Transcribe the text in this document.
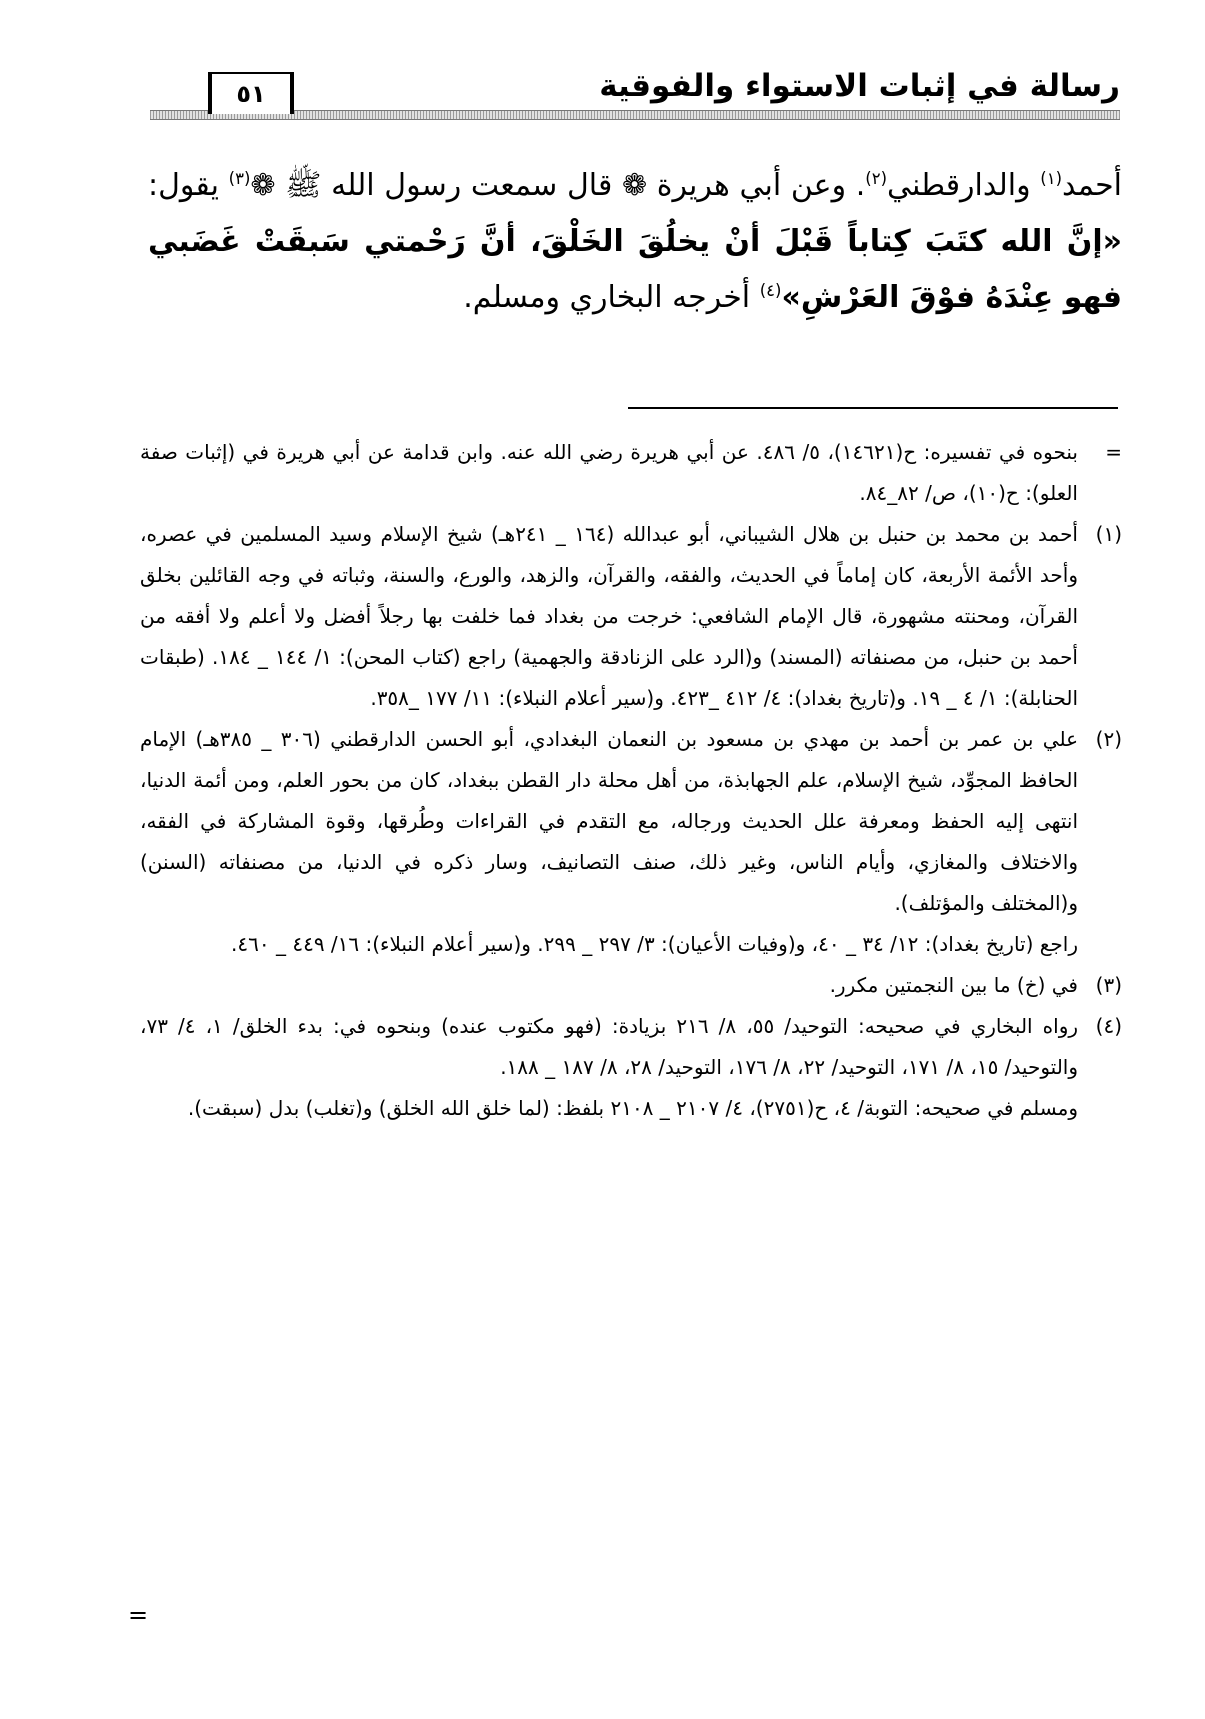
٥١	رسالة في إثبات الاستواء والفوقية

أحمد$^{(١)}$ والدارقطني$^{(٢)}$. وعن أبي هريرة ❁ قال سمعت رسول الله ﷺ ❁$^{(٣)}$ يقول: «إنَّ الله كتَبَ كِتاباً قَبْلَ أنْ يخلُقَ الخَلْقَ، أنَّ رَحْمتي سَبقَتْ غَضَبي فهو عِنْدَهُ فوْقَ العَرْشِ»$^{(٤)}$ أخرجه البخاري ومسلم.

=
بنحوه في تفسيره: ح(١٤٦٢١)، ٥/ ٤٨٦. عن أبي هريرة رضي الله عنه. وابن قدامة عن أبي هريرة في (إثبات صفة العلو): ح(١٠)، ص/ ٨٢_٨٤.

(١)
أحمد بن محمد بن حنبل بن هلال الشيباني، أبو عبدالله (١٦٤ _ ٢٤١هـ) شيخ الإسلام وسيد المسلمين في عصره، وأحد الأئمة الأربعة، كان إماماً في الحديث، والفقه، والقرآن، والزهد، والورع، والسنة، وثباته في وجه القائلين بخلق القرآن، ومحنته مشهورة، قال الإمام الشافعي: خرجت من بغداد فما خلفت بها رجلاً أفضل ولا أعلم ولا أفقه من أحمد بن حنبل، من مصنفاته (المسند) و(الرد على الزنادقة والجهمية) راجع (كتاب المحن): ١/ ١٤٤ _ ١٨٤. (طبقات الحنابلة): ١/ ٤ _ ١٩. و(تاريخ بغداد): ٤/ ٤١٢ _٤٢٣. و(سير أعلام النبلاء): ١١/ ١٧٧ _٣٥٨.

(٢)
علي بن عمر بن أحمد بن مهدي بن مسعود بن النعمان البغدادي، أبو الحسن الدارقطني (٣٠٦ _ ٣٨٥هـ) الإمام الحافظ المجوِّد، شيخ الإسلام، علم الجهابذة، من أهل محلة دار القطن ببغداد، كان من بحور العلم، ومن أئمة الدنيا، انتهى إليه الحفظ ومعرفة علل الحديث ورجاله، مع التقدم في القراءات وطُرقها، وقوة المشاركة في الفقه، والاختلاف والمغازي، وأيام الناس، وغير ذلك، صنف التصانيف، وسار ذكره في الدنيا، من مصنفاته (السنن) و(المختلف والمؤتلف).

راجع (تاريخ بغداد): ١٢/ ٣٤ _ ٤٠، و(وفيات الأعيان): ٣/ ٢٩٧ _ ٢٩٩. و(سير أعلام النبلاء): ١٦/ ٤٤٩ _ ٤٦٠.

(٣)
في (خ) ما بين النجمتين مكرر.

(٤)
رواه البخاري في صحيحه: التوحيد/ ٥٥، ٨/ ٢١٦ بزيادة: (فهو مكتوب عنده) وبنحوه في: بدء الخلق/ ١، ٤/ ٧٣، والتوحيد/ ١٥، ٨/ ١٧١، التوحيد/ ٢٢، ٨/ ١٧٦، التوحيد/ ٢٨، ٨/ ١٨٧ _ ١٨٨.

ومسلم في صحيحه: التوبة/ ٤، ح(٢٧٥١)، ٤/ ٢١٠٧ _ ٢١٠٨ بلفظ: (لما خلق الله الخلق) و(تغلب) بدل (سبقت).

=
